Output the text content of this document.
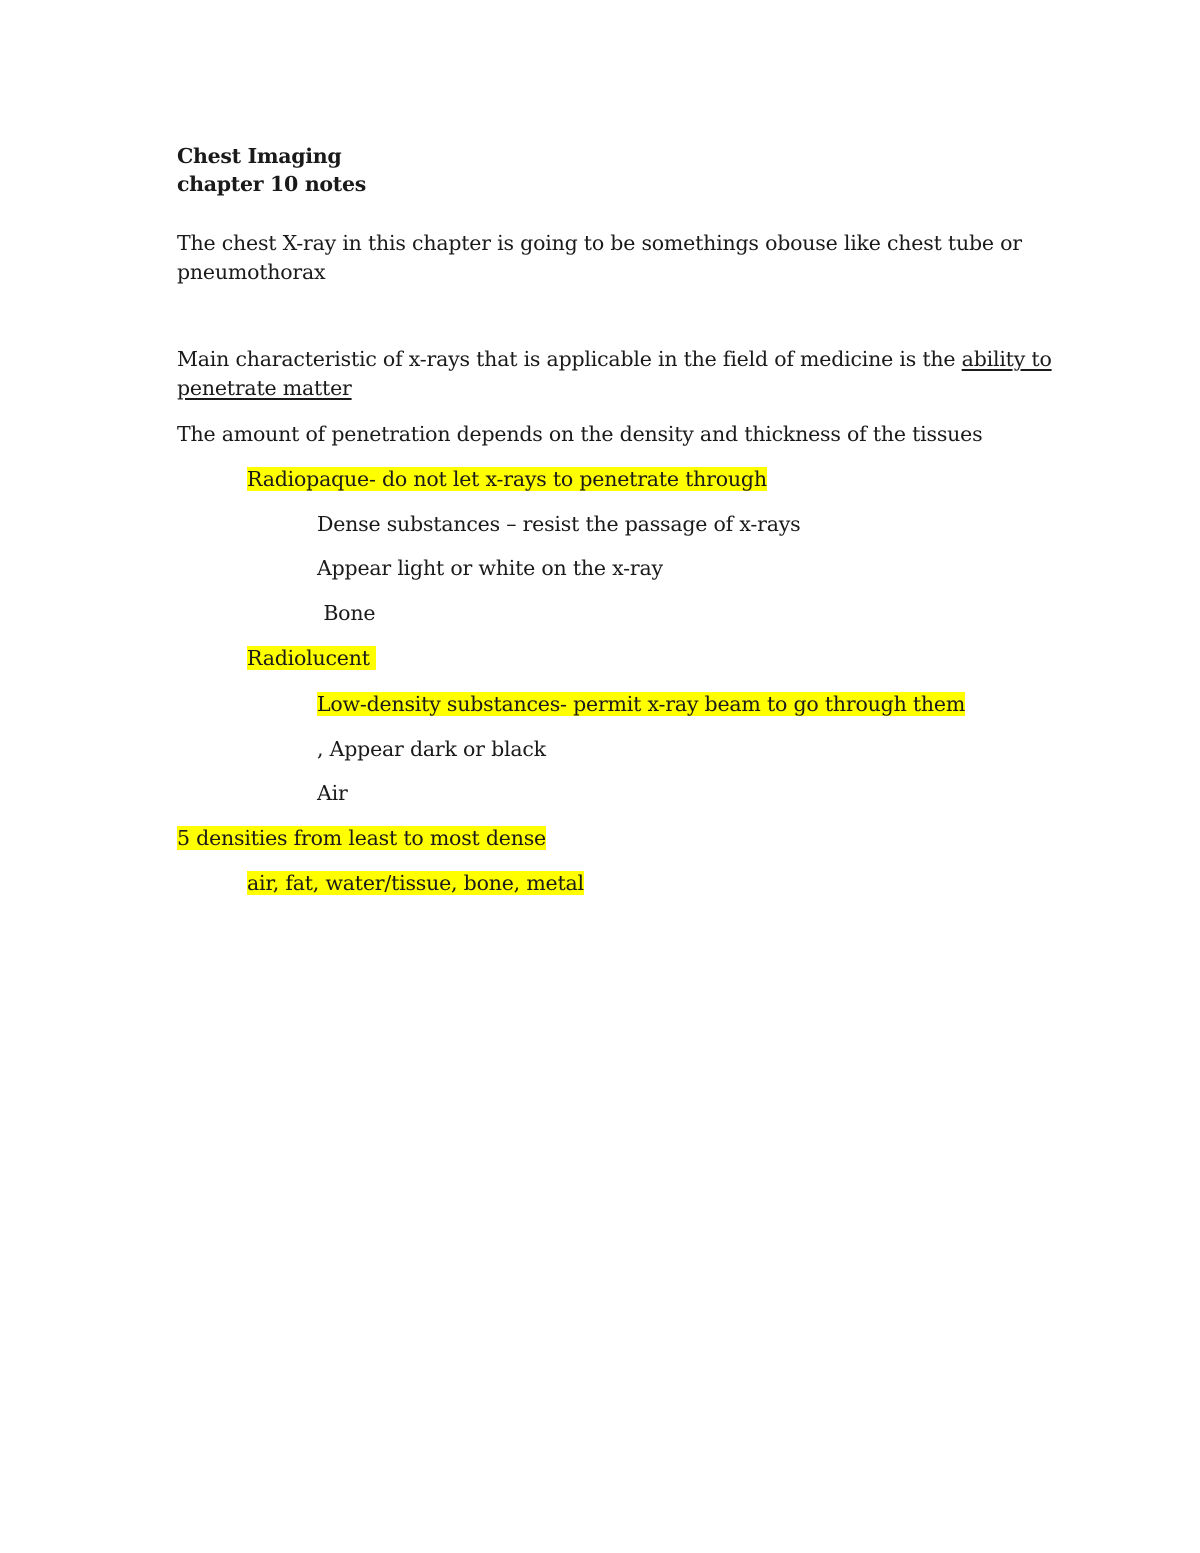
Chest Imaging
chapter 10 notes
The chest X-ray in this chapter is going to be somethings obouse like chest tube or
pneumothorax
Main characteristic of x-rays that is applicable in the field of medicine is the ability to
penetrate matter
The amount of penetration depends on the density and thickness of the tissues
Radiopaque- do not let x-rays to penetrate through
Dense substances – resist the passage of x-rays
Appear light or white on the x-ray
Bone
Radiolucent
Low-density substances- permit x-ray beam to go through them
, Appear dark or black
Air
5 densities from least to most dense
air, fat, water/tissue, bone, metal
